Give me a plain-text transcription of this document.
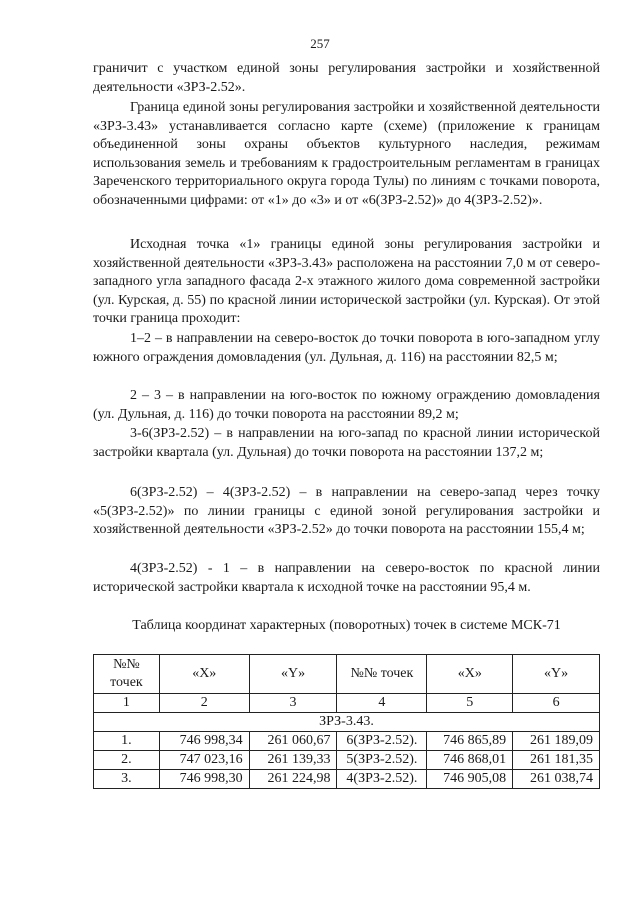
257

граничит с участком единой зоны регулирования застройки и хозяйственной деятельности «ЗРЗ-2.52».

Граница единой зоны регулирования застройки и хозяйственной деятельности «ЗРЗ-3.43» устанавливается согласно карте (схеме) (приложение к границам объединенной зоны охраны объектов культурного наследия, режимам использования земель и требованиям к градостроительным регламентам в границах Зареченского территориального округа города Тулы) по линиям с точками поворота, обозначенными цифрами: от «1» до «3» и от «6(ЗРЗ-2.52)» до 4(ЗРЗ-2.52)».

Исходная точка «1» границы единой зоны регулирования застройки и хозяйственной деятельности «ЗРЗ-3.43» расположена на расстоянии 7,0 м от северо-западного угла западного фасада 2-х этажного жилого дома современной застройки (ул. Курская, д. 55) по красной линии исторической застройки (ул. Курская). От этой точки граница проходит:

1–2 – в направлении на северо-восток до точки поворота в юго-западном углу южного ограждения домовладения (ул. Дульная, д. 116) на расстоянии 82,5 м;

2 – 3 – в направлении на юго-восток по южному ограждению домовладения (ул. Дульная, д. 116) до точки поворота на расстоянии 89,2 м;

3-6(ЗРЗ-2.52) – в направлении на юго-запад по красной линии исторической застройки квартала (ул. Дульная) до точки поворота на расстоянии 137,2 м;

6(ЗРЗ-2.52) – 4(ЗРЗ-2.52) – в направлении на северо-запад через точку «5(ЗРЗ-2.52)» по линии границы с единой зоной регулирования застройки и хозяйственной деятельности «ЗРЗ-2.52» до точки поворота на расстоянии 155,4 м;

4(ЗРЗ-2.52) - 1 – в направлении на северо-восток по красной линии исторической застройки квартала к исходной точке на расстоянии 95,4 м.

Таблица координат характерных (поворотных) точек в системе МСК-71
№№ точек	«X»	«Y»	№№ точек	«X»	«Y»
1	2	3	4	5	6
ЗРЗ-3.43.					
1.	746 998,34	261 060,67	6(ЗРЗ-2.52).	746 865,89	261 189,09
2.	747 023,16	261 139,33	5(ЗРЗ-2.52).	746 868,01	261 181,35
3.	746 998,30	261 224,98	4(ЗРЗ-2.52).	746 905,08	261 038,74
